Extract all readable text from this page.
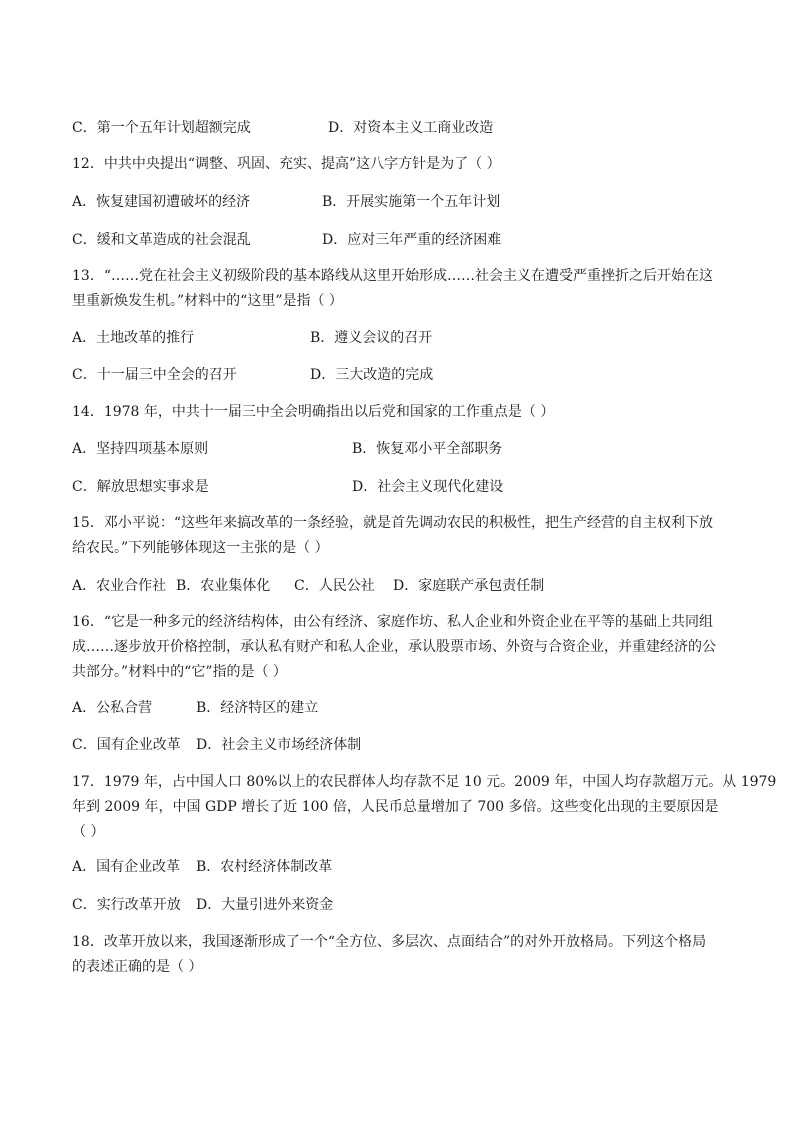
C．第一个五年计划超额完成	D．对资本主义工商业改造

12．中共中央提出“调整、巩固、充实、提高”这八字方针是为了（ ）

A．恢复建国初遭破坏的经济	B．开展实施第一个五年计划
C．缓和文革造成的社会混乱	D．应对三年严重的经济困难

13．“……党在社会主义初级阶段的基本路线从这里开始形成……社会主义在遭受严重挫折之后开始在这

里重新焕发生机。”材料中的“这里”是指（ ）

A．土地改革的推行	B．遵义会议的召开
C．十一届三中全会的召开	D．三大改造的完成

14．1978 年，中共十一届三中全会明确指出以后党和国家的工作重点是（ ）

A．坚持四项基本原则	B．恢复邓小平全部职务
C．解放思想实事求是	D．社会主义现代化建设

15．邓小平说：“这些年来搞改革的一条经验，就是首先调动农民的积极性，把生产经营的自主权利下放

给农民。”下列能够体现这一主张的是（ ）

A．农业合作社 B．农业集体化 C．人民公社 D．家庭联产承包责任制

16．“它是一种多元的经济结构体，由公有经济、家庭作坊、私人企业和外资企业在平等的基础上共同组

成……逐步放开价格控制，承认私有财产和私人企业，承认股票市场、外资与合资企业，并重建经济的公

共部分。”材料中的“它”指的是（ ）

A．公私合营	B．经济特区的建立
C．国有企业改革 D．社会主义市场经济体制

17．1979 年，占中国人口 80%以上的农民群体人均存款不足 10 元。2009 年，中国人均存款超万元。从 1979

年到 2009 年，中国 GDP 增长了近 100 倍，人民币总量增加了 700 多倍。这些变化出现的主要原因是

（ ）

A．国有企业改革 B．农村经济体制改革
C．实行改革开放 D．大量引进外来资金

18．改革开放以来，我国逐渐形成了一个“全方位、多层次、点面结合”的对外开放格局。下列这个格局

的表述正确的是（ ）
